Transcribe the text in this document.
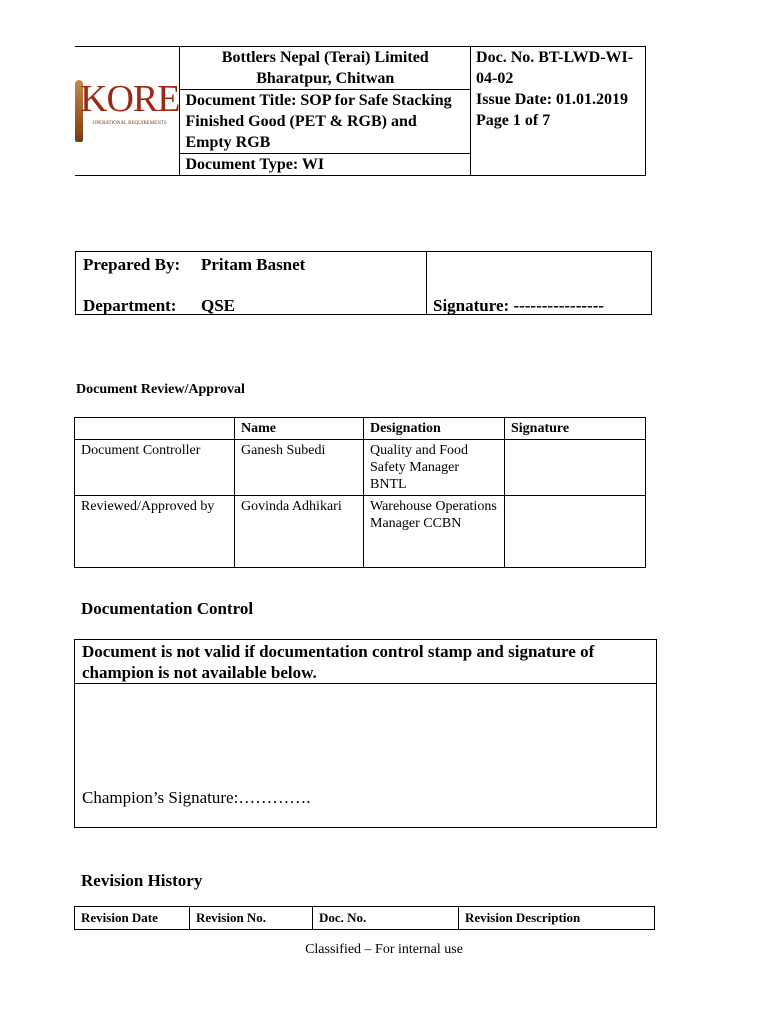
KORE
OPERATIONAL REQUIREMENTS

Bottlers Nepal (Terai) Limited
Bharatpur, Chitwan

Doc. No. BT-LWD-WI-04-02
Issue Date: 01.01.2019
Page 1 of 7

Document Title: SOP for Safe Stacking Finished Good (PET & RGB) and Empty RGB
Document Type: WI
Prepared By: Pritam Basnet
Department: QSE	Signature: ----------------
Document Review/Approval
	Name	Designation	Signature
Document Controller	Ganesh Subedi	Quality and Food Safety Manager BNTL	
Reviewed/Approved by	Govinda Adhikari	Warehouse Operations Manager CCBN	
Documentation Control
Document is not valid if documentation control stamp and signature of champion is not available below.
Champion’s Signature:………….
Revision History
Revision Date	Revision No.	Doc. No.	Revision Description
Classified – For internal use
